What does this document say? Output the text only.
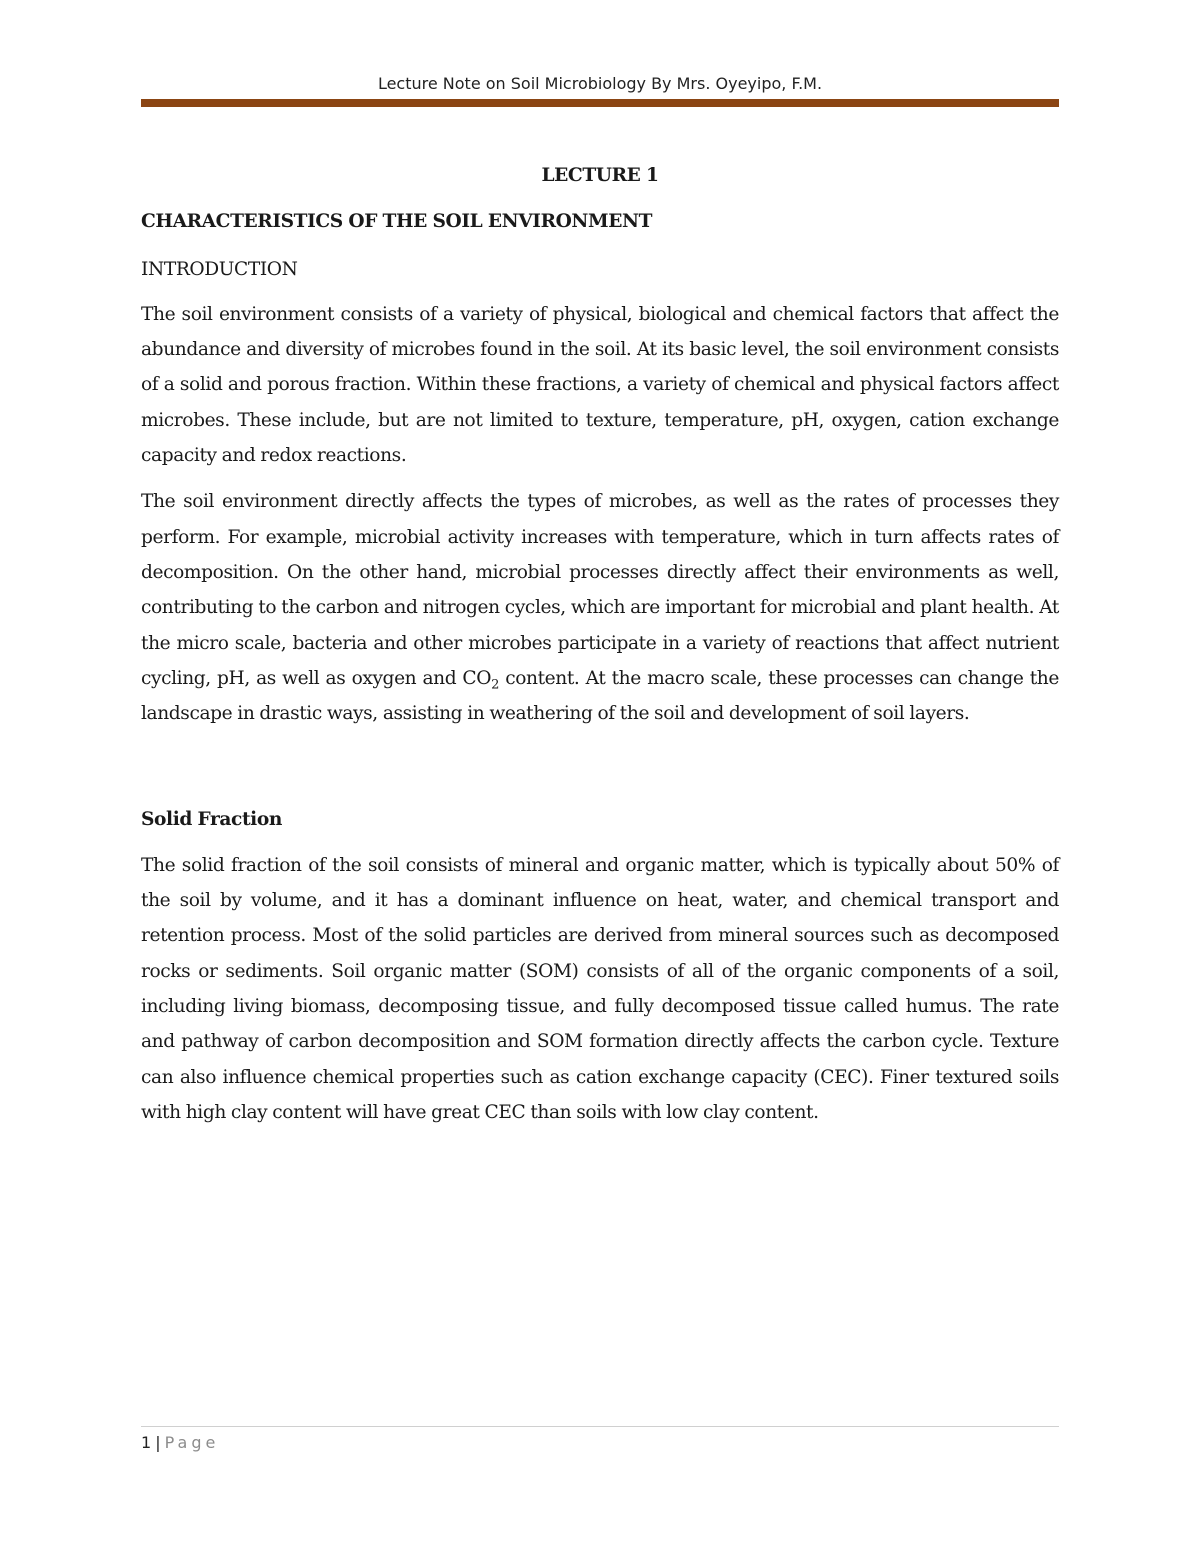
Lecture Note on Soil Microbiology By Mrs. Oyeyipo, F.M.
LECTURE 1
CHARACTERISTICS OF THE SOIL ENVIRONMENT
INTRODUCTION

The soil environment consists of a variety of physical, biological and chemical factors that affect the abundance and diversity of microbes found in the soil. At its basic level, the soil environment consists of a solid and porous fraction. Within these fractions, a variety of chemical and physical factors affect microbes. These include, but are not limited to texture, temperature, pH, oxygen, cation exchange capacity and redox reactions.

The soil environment directly affects the types of microbes, as well as the rates of processes they perform. For example, microbial activity increases with temperature, which in turn affects rates of decomposition. On the other hand, microbial processes directly affect their environments as well, contributing to the carbon and nitrogen cycles, which are important for microbial and plant health. At the micro scale, bacteria and other microbes participate in a variety of reactions that affect nutrient cycling, pH, as well as oxygen and $CO_2$ content. At the macro scale, these processes can change the landscape in drastic ways, assisting in weathering of the soil and development of soil layers.

Solid Fraction

The solid fraction of the soil consists of mineral and organic matter, which is typically about 50% of the soil by volume, and it has a dominant influence on heat, water, and chemical transport and retention process. Most of the solid particles are derived from mineral sources such as decomposed rocks or sediments. Soil organic matter (SOM) consists of all of the organic components of a soil, including living biomass, decomposing tissue, and fully decomposed tissue called humus. The rate and pathway of carbon decomposition and SOM formation directly affects the carbon cycle. Texture can also influence chemical properties such as cation exchange capacity (CEC). Finer textured soils with high clay content will have great CEC than soils with low clay content.

1 | Page
